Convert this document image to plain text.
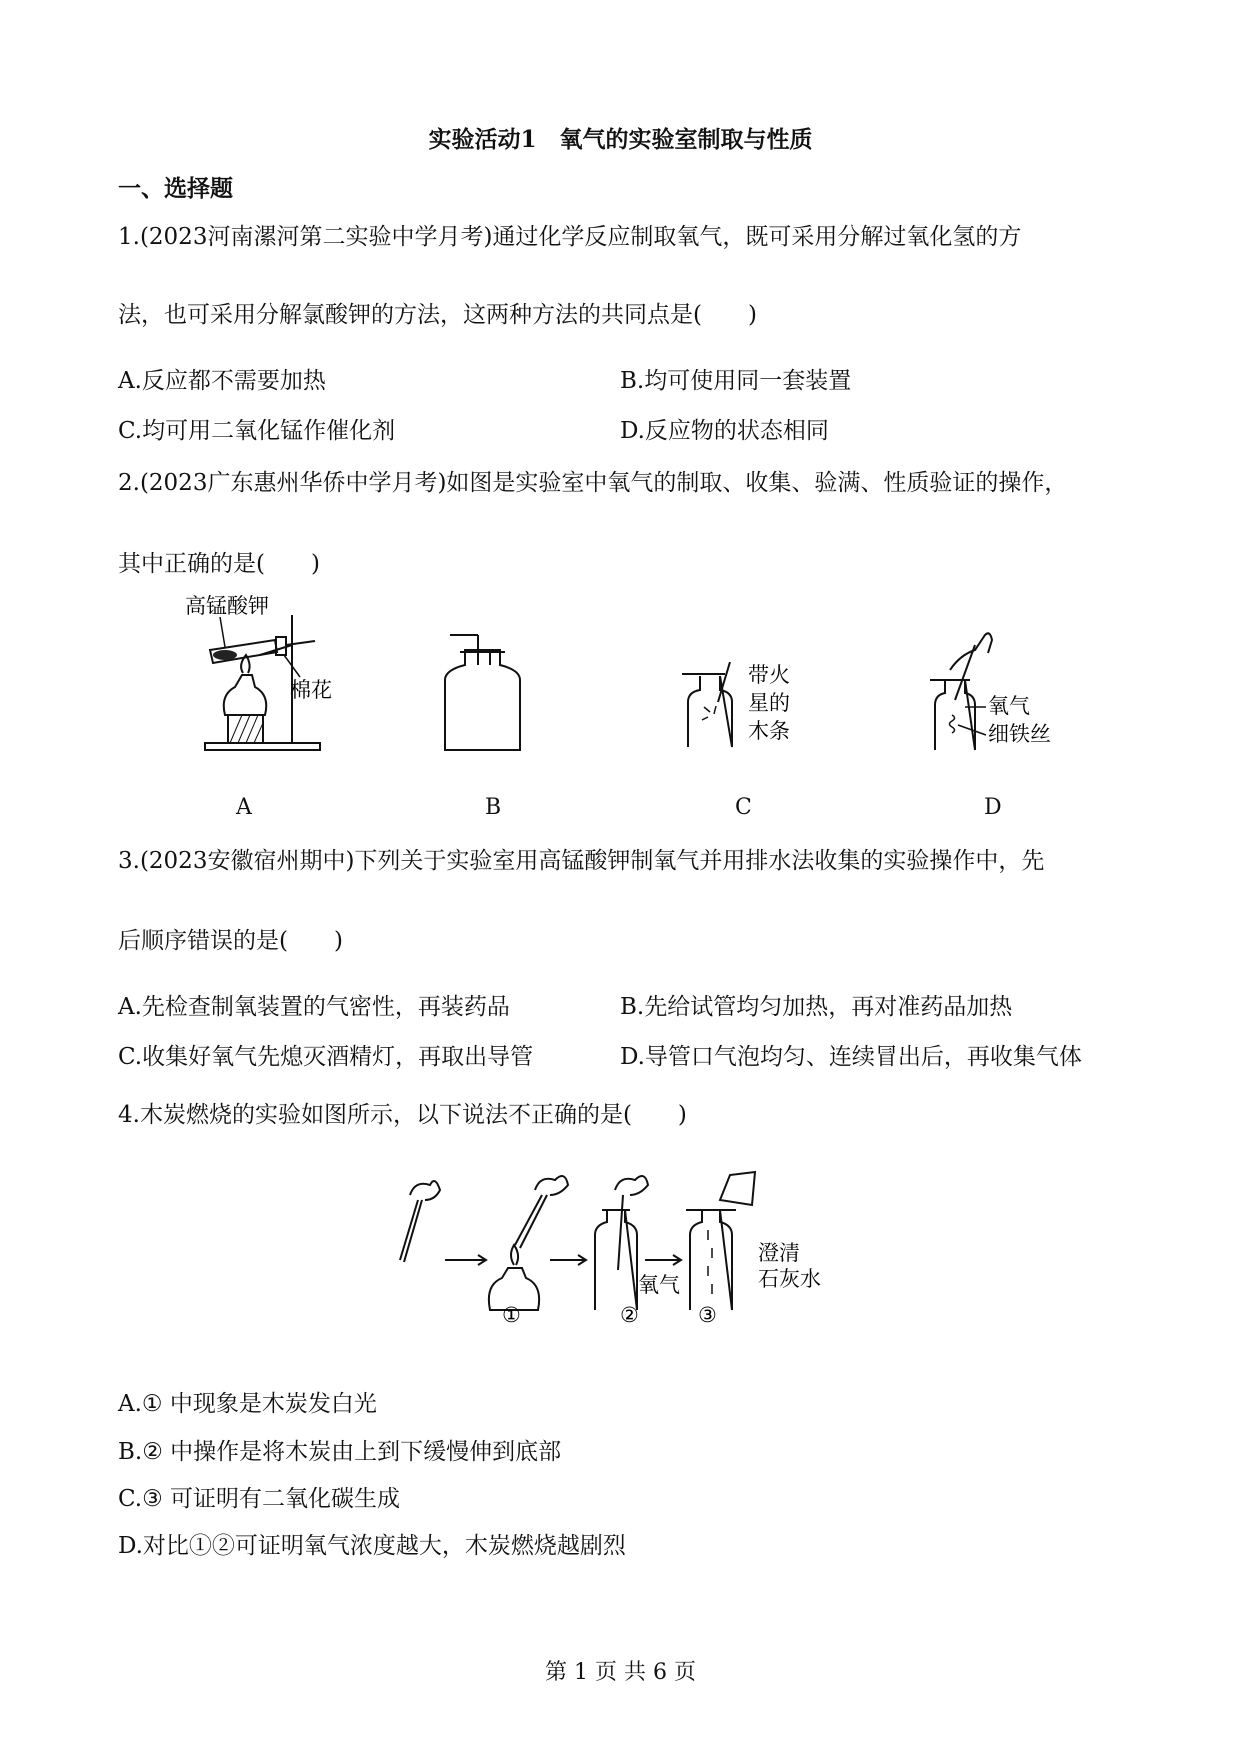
实验活动1　氧气的实验室制取与性质
一、选择题
1.(2023河南漯河第二实验中学月考)通过化学反应制取氧气，既可采用分解过氧化氢的方
法，也可采用分解氯酸钾的方法，这两种方法的共同点是(　　)
A.反应都不需要加热	B.均可使用同一套装置
C.均可用二氧化锰作催化剂	D.反应物的状态相同
2.(2023广东惠州华侨中学月考)如图是实验室中氧气的制取、收集、验满、性质验证的操作，
其中正确的是(　　)
高锰酸钾
棉花
带火
星的
木条
氧气
细铁丝
A	B	C	D
3.(2023安徽宿州期中)下列关于实验室用高锰酸钾制氧气并用排水法收集的实验操作中，先
后顺序错误的是(　　)
A.先检查制氧装置的气密性，再装药品	B.先给试管均匀加热，再对准药品加热
C.收集好氧气先熄灭酒精灯，再取出导管	D.导管口气泡均匀、连续冒出后，再收集气体
4.木炭燃烧的实验如图所示，以下说法不正确的是(　　)
氧气
澄清
石灰水
①	②	③
A.① 中现象是木炭发白光
B.② 中操作是将木炭由上到下缓慢伸到底部
C.③ 可证明有二氧化碳生成
D.对比①②可证明氧气浓度越大，木炭燃烧越剧烈
第 1 页 共 6 页
